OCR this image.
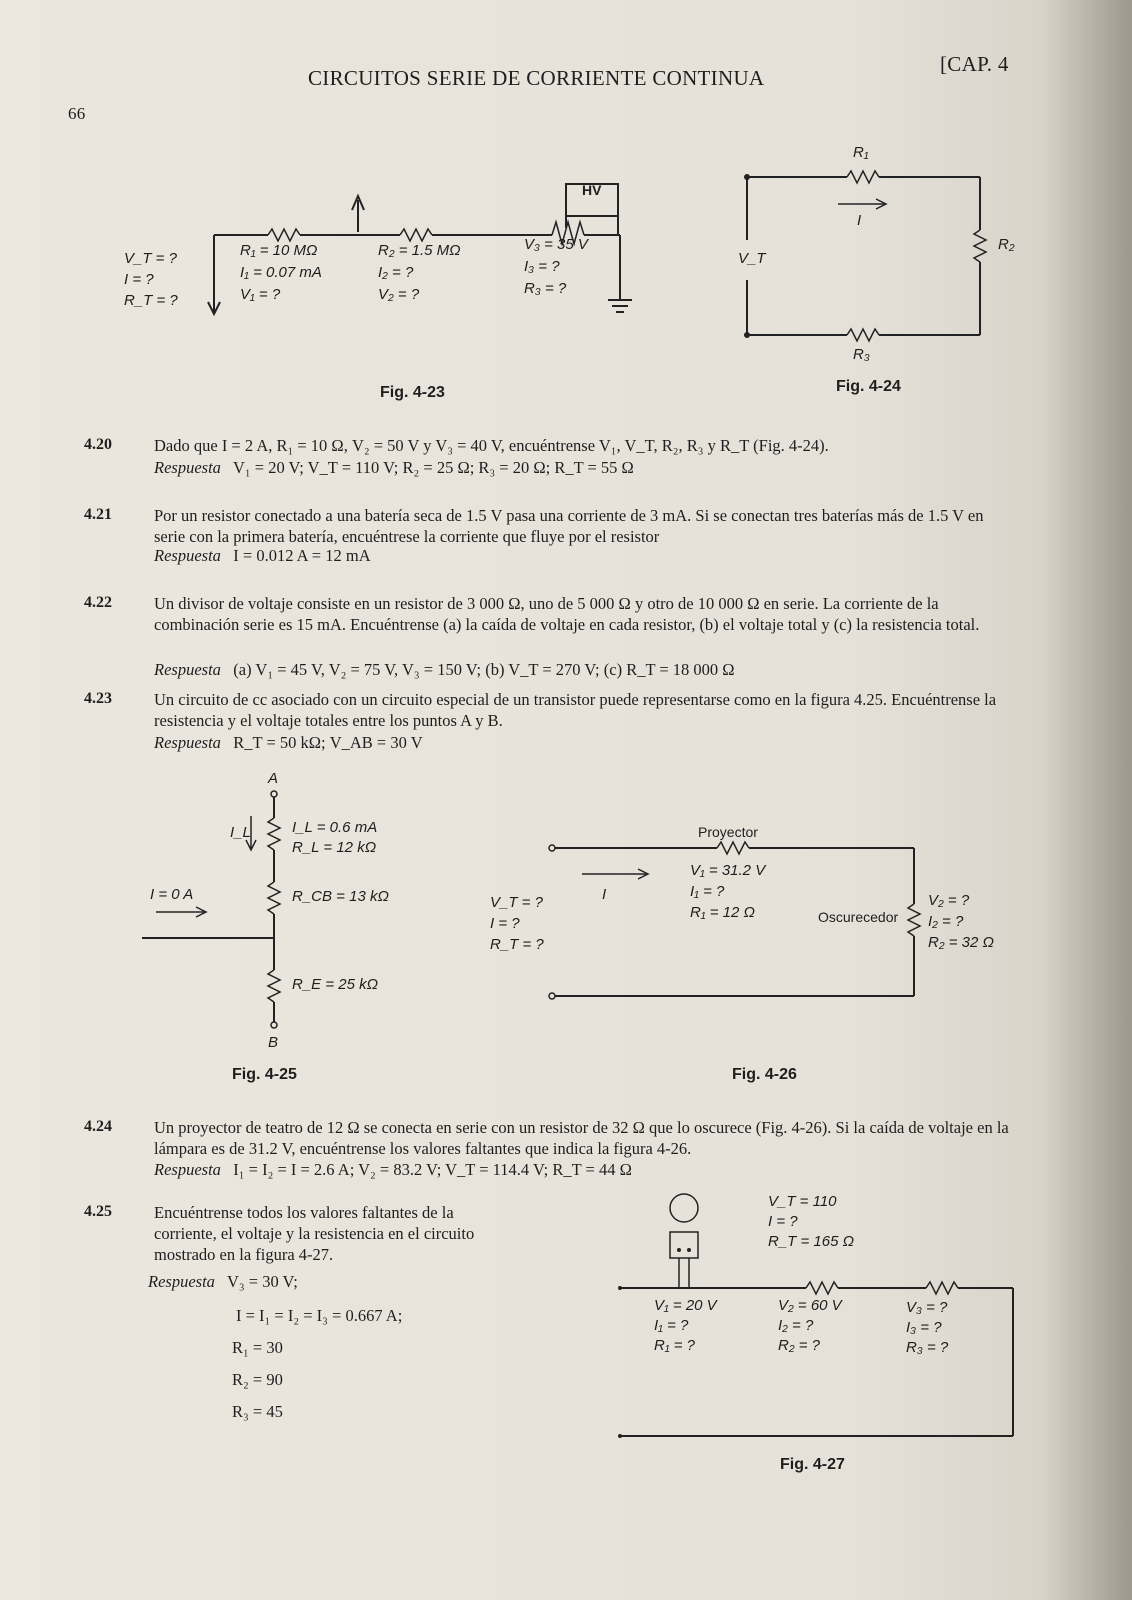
66
CIRCUITOS SERIE DE CORRIENTE CONTINUA
[CAP. 4
HV
V_T = ?
I = ?
R_T = ?
R₁ = 10 MΩ
I₁ = 0.07 mA
V₁ = ?
R₂ = 1.5 MΩ
I₂ = ?
V₂ = ?
V₃ = 35 V
I₃ = ?
R₃ = ?
Fig. 4-23
R₁
R₂
R₃
I
V_T
Fig. 4-24
4.20	Dado que I = 2 A, R₁ = 10 Ω, V₂ = 50 V y V₃ = 40 V, encuéntrense V₁, V_T, R₂, R₃ y R_T (Fig. 4-24).
Respuesta V₁ = 20 V; V_T = 110 V; R₂ = 25 Ω; R₃ = 20 Ω; R_T = 55 Ω
4.21	Por un resistor conectado a una batería seca de 1.5 V pasa una corriente de 3 mA. Si se conectan tres baterías más de 1.5 V en serie con la primera batería, encuéntrese la corriente que fluye por el resistor
Respuesta I = 0.012 A = 12 mA
4.22	Un divisor de voltaje consiste en un resistor de 3 000 Ω, uno de 5 000 Ω y otro de 10 000 Ω en serie. La corriente de la combinación serie es 15 mA. Encuéntrense (a) la caída de voltaje en cada resistor, (b) el voltaje total y (c) la resistencia total.
Respuesta (a) V₁ = 45 V, V₂ = 75 V, V₃ = 150 V; (b) V_T = 270 V; (c) R_T = 18 000 Ω
4.23	Un circuito de cc asociado con un circuito especial de un transistor puede representarse como en la figura 4.25. Encuéntrense la resistencia y el voltaje totales entre los puntos A y B.
Respuesta R_T = 50 kΩ; V_AB = 30 V
A
I_L	I_L = 0.6 mA
R_L = 12 kΩ
I = 0 A	R_CB = 13 kΩ
R_E = 25 kΩ
B
Fig. 4-25
Proyector
I
V_T = ?
I = ?
R_T = ?
V₁ = 31.2 V
I₁ = ?
R₁ = 12 Ω	Oscurecedor
V₂ = ?
I₂ = ?
R₂ = 32 Ω
Fig. 4-26
4.24	Un proyector de teatro de 12 Ω se conecta en serie con un resistor de 32 Ω que lo oscurece (Fig. 4-26). Si la caída de voltaje en la lámpara es de 31.2 V, encuéntrense los valores faltantes que indica la figura 4-26.
Respuesta I₁ = I₂ = I = 2.6 A; V₂ = 83.2 V; V_T = 114.4 V; R_T = 44 Ω
4.25	Encuéntrense todos los valores faltantes de la corriente, el voltaje y la resistencia en el circuito mostrado en la figura 4-27.
Respuesta V₃ = 30 V;
I = I₁ = I₂ = I₃ = 0.667 A;
R₁ = 30
R₂ = 90
R₃ = 45
V_T = 110
I = ?
R_T = 165 Ω
V₁ = 20 V
I₁ = ?
R₁ = ?
V₂ = 60 V
I₂ = ?
R₂ = ?
V₃ = ?
I₃ = ?
R₃ = ?
Fig. 4-27
